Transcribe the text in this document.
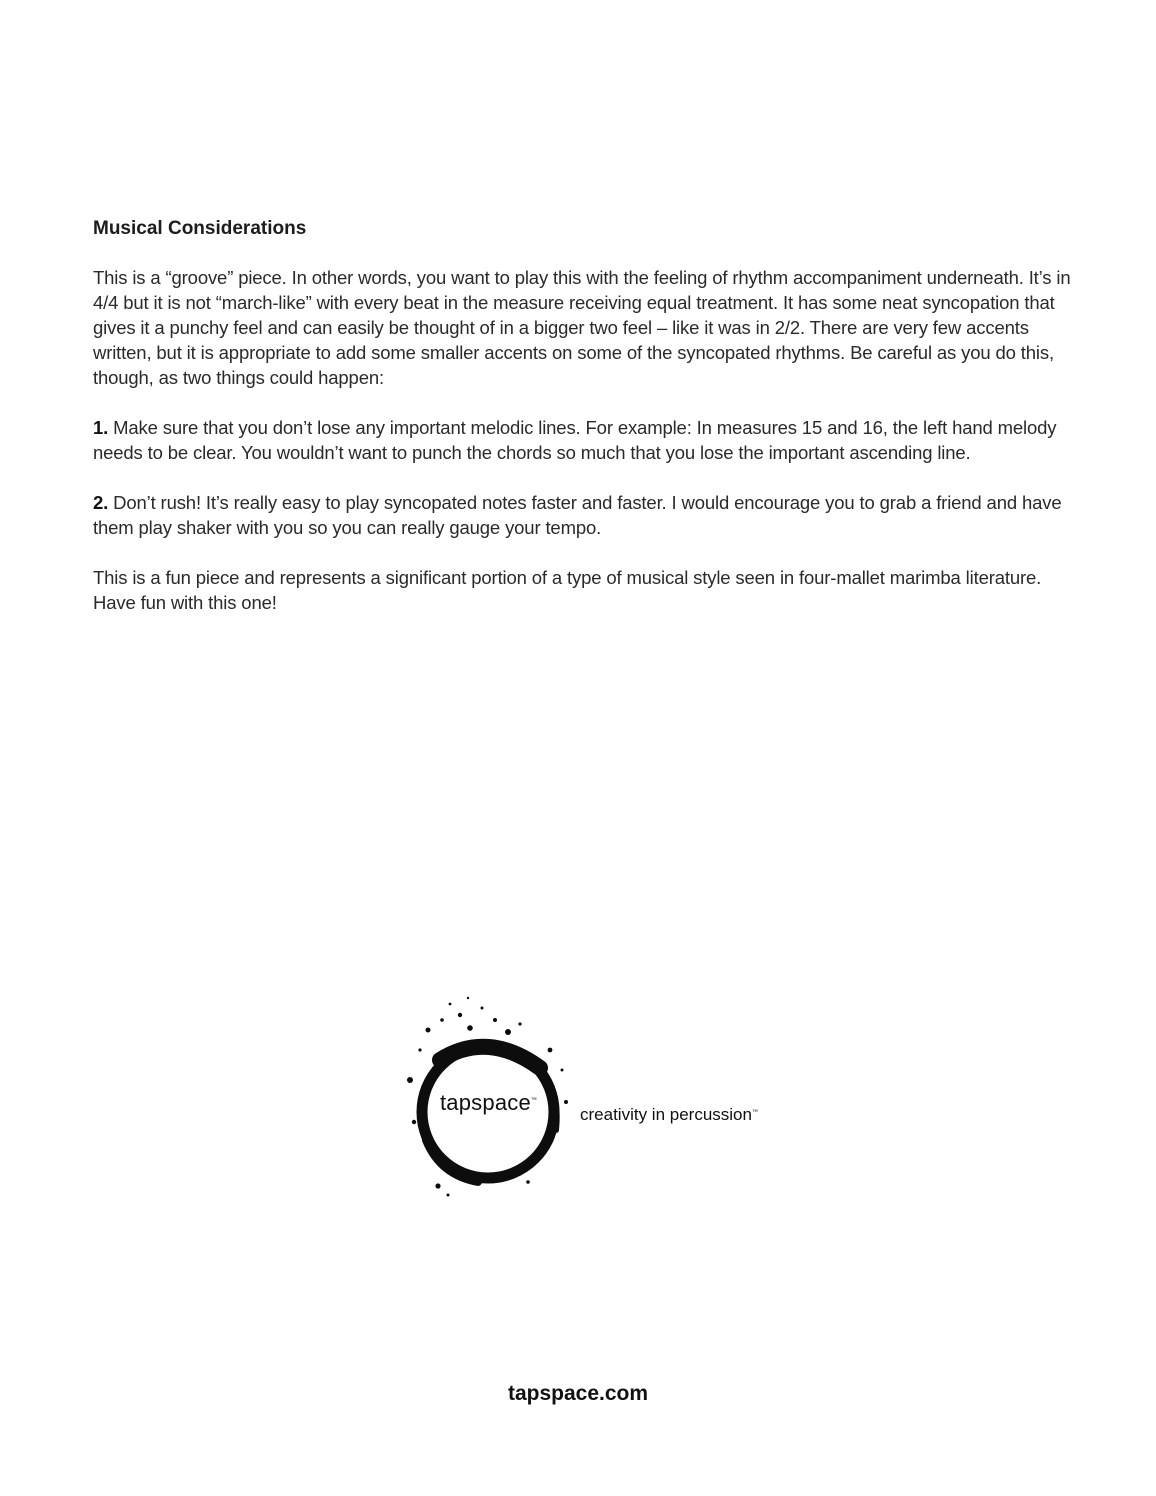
Musical Considerations

This is a “groove” piece. In other words, you want to play this with the feeling of rhythm accompaniment underneath. It’s in 4/4 but it is not “march-like” with every beat in the measure receiving equal treatment. It has some neat syncopation that gives it a punchy feel and can easily be thought of in a bigger two feel – like it was in 2/2. There are very few accents written, but it is appropriate to add some smaller accents on some of the syncopated rhythms. Be careful as you do this, though, as two things could happen:

1. Make sure that you don’t lose any important melodic lines. For example: In measures 15 and 16, the left hand melody needs to be clear. You wouldn’t want to punch the chords so much that you lose the important ascending line.

2. Don’t rush! It’s really easy to play syncopated notes faster and faster. I would encourage you to grab a friend and have them play shaker with you so you can really gauge your tempo.

This is a fun piece and represents a significant portion of a type of musical style seen in four-mallet marimba literature. Have fun with this one!

tapspace™
creativity in percussion™
tapspace.com
